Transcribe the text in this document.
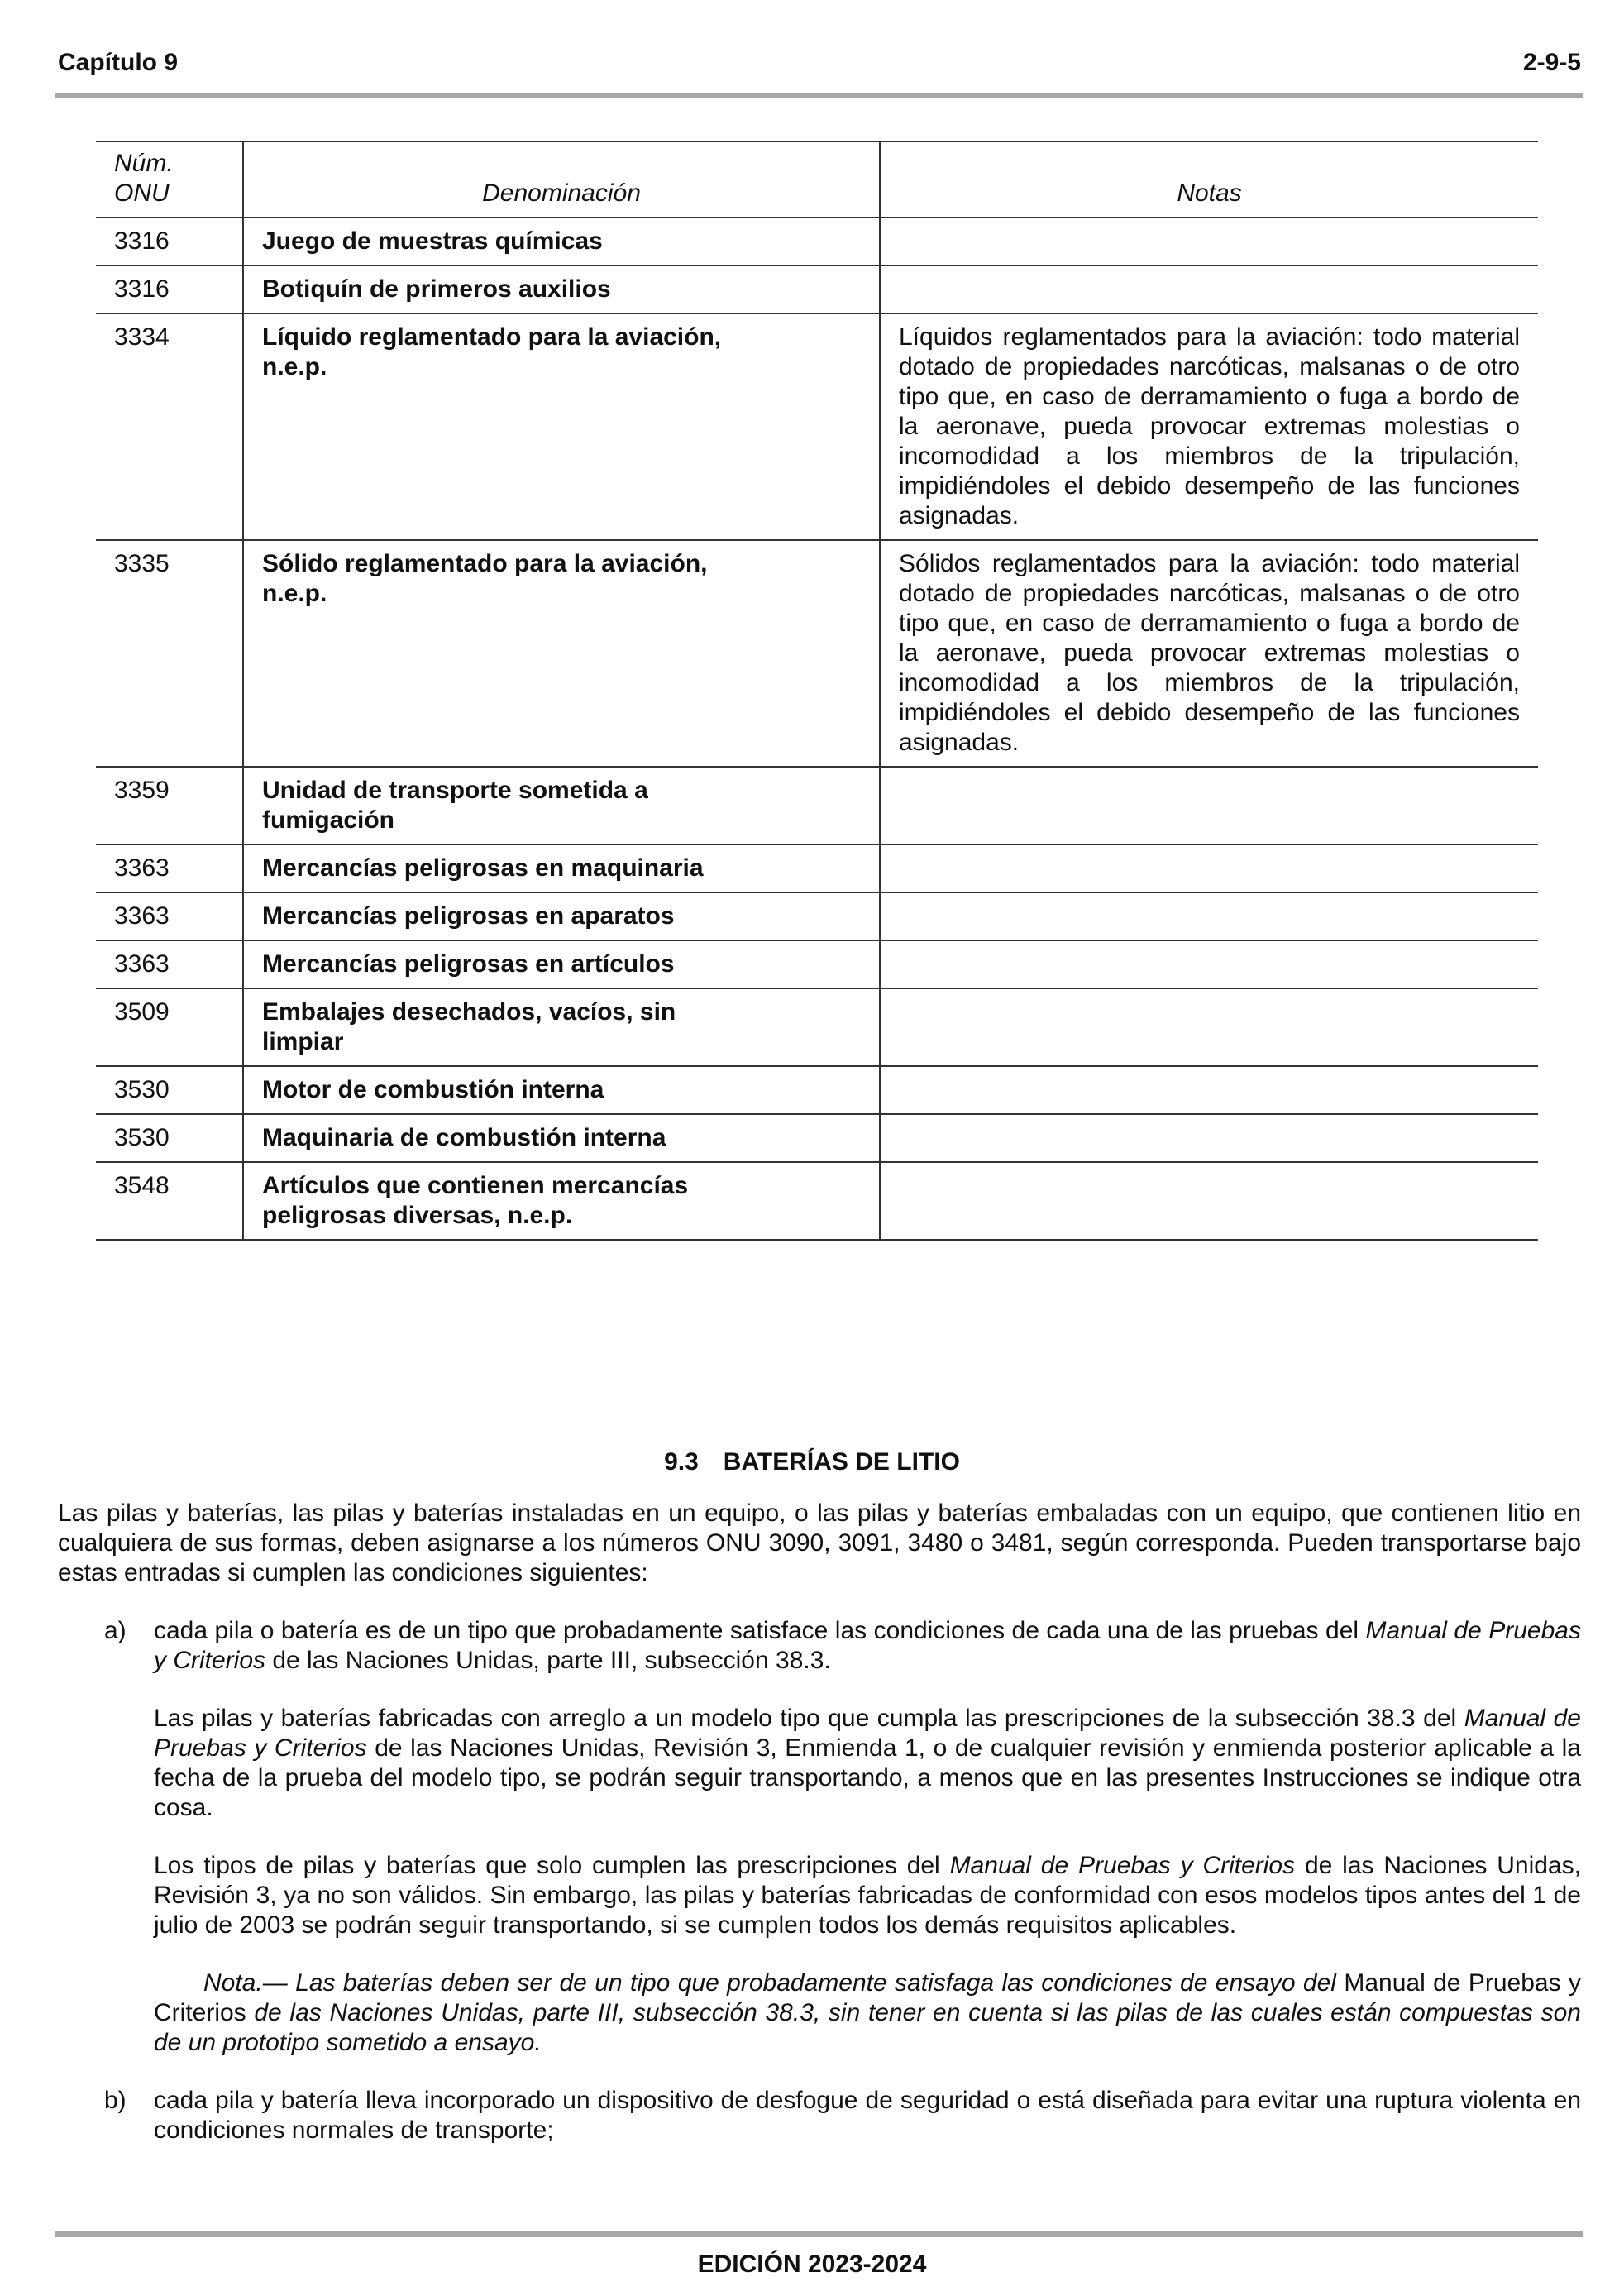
Capítulo 9	2-9-5
Núm.
ONU	Denominación	Notas
3316	Juego de muestras químicas	

3316	Botiquín de primeros auxilios	

3334	Líquido reglamentado para la aviación, n.e.p.	Líquidos reglamentados para la aviación: todo material dotado de propiedades narcóticas, malsanas o de otro tipo que, en caso de derramamiento o fuga a bordo de la aeronave, pueda provocar extremas molestias o incomodidad a los miembros de la tripulación, impidiéndoles el debido desempeño de las funciones asignadas.

3335	Sólido reglamentado para la aviación, n.e.p.	Sólidos reglamentados para la aviación: todo material dotado de propiedades narcóticas, malsanas o de otro tipo que, en caso de derramamiento o fuga a bordo de la aeronave, pueda provocar extremas molestias o incomodidad a los miembros de la tripulación, impidiéndoles el debido desempeño de las funciones asignadas.

3359	Unidad de transporte sometida a fumigación	

3363	Mercancías peligrosas en maquinaria	

3363	Mercancías peligrosas en aparatos	

3363	Mercancías peligrosas en artículos	

3509	Embalajes desechados, vacíos, sin limpiar	

3530	Motor de combustión interna	

3530	Maquinaria de combustión interna	

3548	Artículos que contienen mercancías peligrosas diversas, n.e.p.	

9.3 BATERÍAS DE LITIO

Las pilas y baterías, las pilas y baterías instaladas en un equipo, o las pilas y baterías embaladas con un equipo, que contienen litio en cualquiera de sus formas, deben asignarse a los números ONU 3090, 3091, 3480 o 3481, según corresponda. Pueden transportarse bajo estas entradas si cumplen las condiciones siguientes:

a)	cada pila o batería es de un tipo que probadamente satisface las condiciones de cada una de las pruebas del Manual de Pruebas y Criterios de las Naciones Unidas, parte III, subsección 38.3.

Las pilas y baterías fabricadas con arreglo a un modelo tipo que cumpla las prescripciones de la subsección 38.3 del Manual de Pruebas y Criterios de las Naciones Unidas, Revisión 3, Enmienda 1, o de cualquier revisión y enmienda posterior aplicable a la fecha de la prueba del modelo tipo, se podrán seguir transportando, a menos que en las presentes Instrucciones se indique otra cosa.

Los tipos de pilas y baterías que solo cumplen las prescripciones del Manual de Pruebas y Criterios de las Naciones Unidas, Revisión 3, ya no son válidos. Sin embargo, las pilas y baterías fabricadas de conformidad con esos modelos tipos antes del 1 de julio de 2003 se podrán seguir transportando, si se cumplen todos los demás requisitos aplicables.

Nota.— Las baterías deben ser de un tipo que probadamente satisfaga las condiciones de ensayo del Manual de Pruebas y Criterios de las Naciones Unidas, parte III, subsección 38.3, sin tener en cuenta si las pilas de las cuales están compuestas son de un prototipo sometido a ensayo.

b)	cada pila y batería lleva incorporado un dispositivo de desfogue de seguridad o está diseñada para evitar una ruptura violenta en condiciones normales de transporte;

EDICIÓN 2023-2024
